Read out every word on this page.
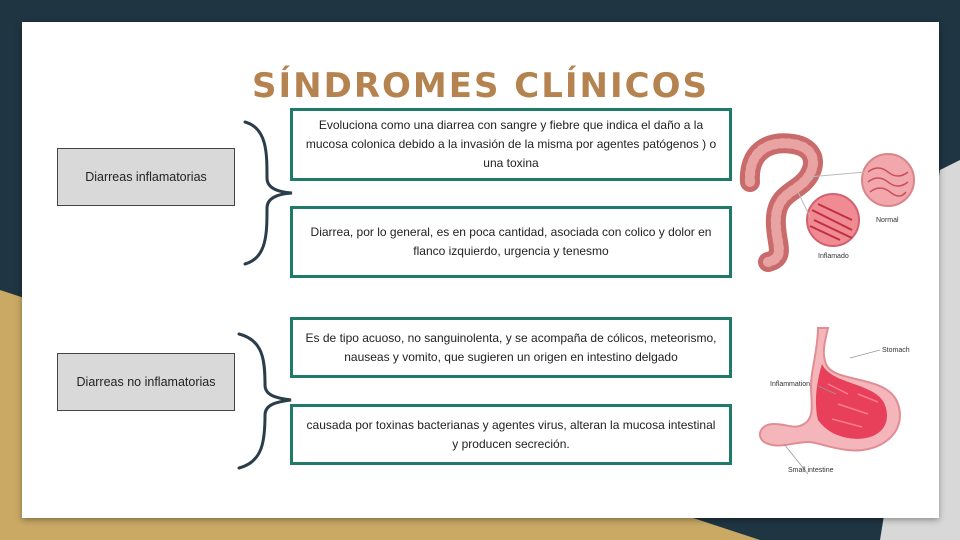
SÍNDROMES CLÍNICOS
Diarreas inflamatorias
Evoluciona como una diarrea con sangre y fiebre que indica el daño a la mucosa colonica debido a la invasión de la misma por agentes patógenos ) o una toxina
Diarrea, por lo general, es en poca cantidad, asociada con colico y dolor en flanco izquierdo, urgencia y tenesmo
Normal
Inflamado
Diarreas no inflamatorias
Es de tipo acuoso, no sanguinolenta, y se acompaña de cólicos, meteorismo, nauseas y vomito, que sugieren un origen en intestino delgado
causada por toxinas bacterianas y agentes virus, alteran la mucosa intestinal y producen secreción.
Stomach
Inflammation
Small intestine
